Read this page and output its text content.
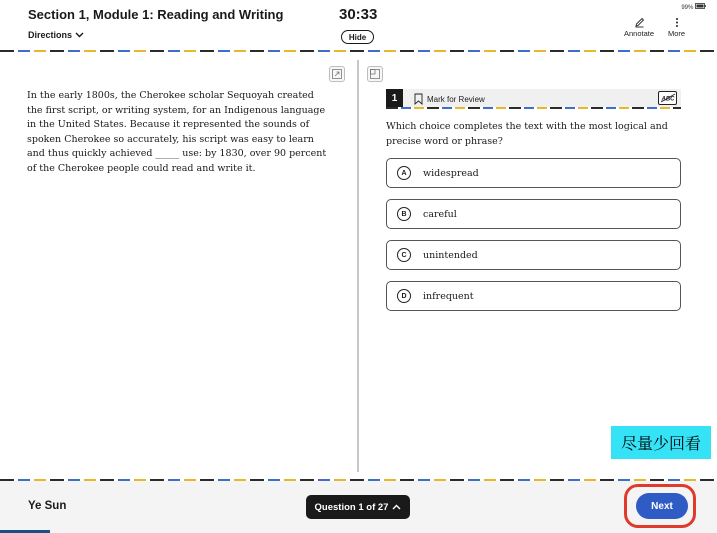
Section 1, Module 1: Reading and Writing
Directions
30:33
Hide
99%
Annotate More
In the early 1800s, the Cherokee scholar Sequoyah created the first script, or writing system, for an Indigenous language in the United States. Because it represented the sounds of spoken Cherokee so accurately, his script was easy to learn and thus quickly achieved _____ use: by 1830, over 90 percent of the Cherokee people could read and write it.
1	Mark for Review	ABC
Which choice completes the text with the most logical and precise word or phrase?
A	widespread
B	careful
C	unintended
D	infrequent
尽量少回看
Ye Sun	Question 1 of 27	Next
